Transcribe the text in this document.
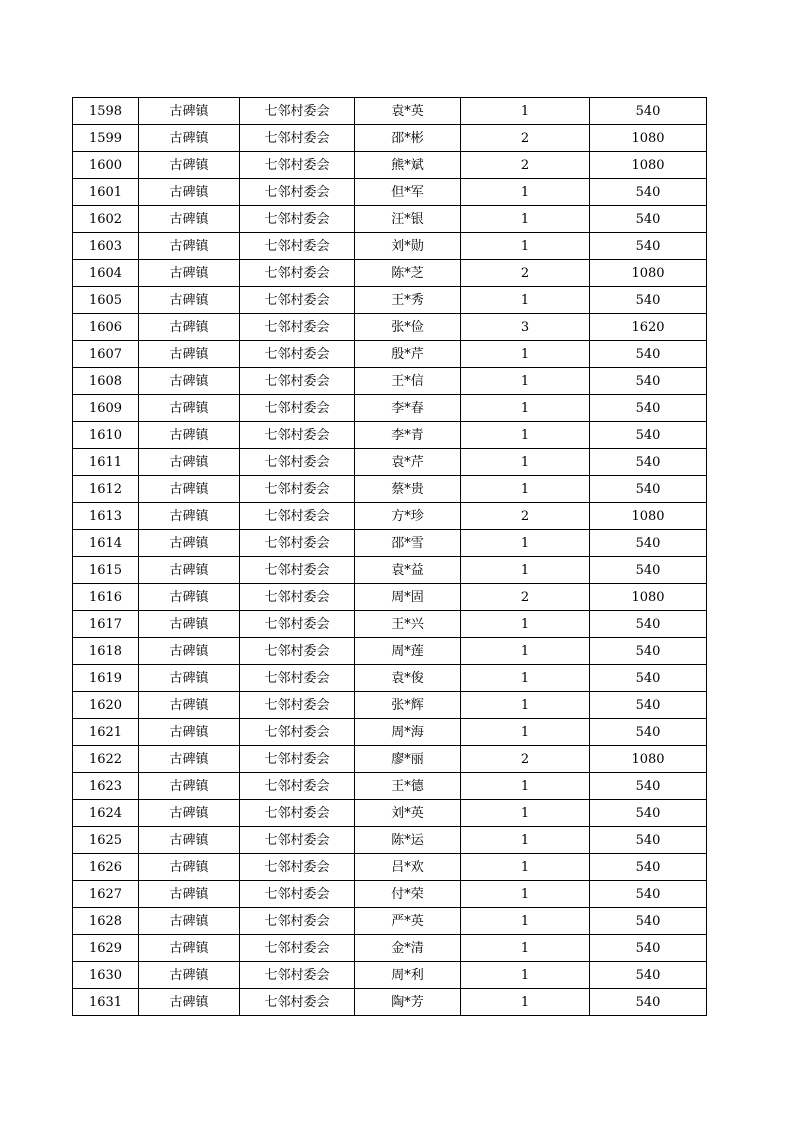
1598	古碑镇	七邻村委会	袁*英	1	540
1599	古碑镇	七邻村委会	邵*彬	2	1080
1600	古碑镇	七邻村委会	熊*斌	2	1080
1601	古碑镇	七邻村委会	但*军	1	540
1602	古碑镇	七邻村委会	汪*银	1	540
1603	古碑镇	七邻村委会	刘*勋	1	540
1604	古碑镇	七邻村委会	陈*芝	2	1080
1605	古碑镇	七邻村委会	王*秀	1	540
1606	古碑镇	七邻村委会	张*俭	3	1620
1607	古碑镇	七邻村委会	殷*芹	1	540
1608	古碑镇	七邻村委会	王*信	1	540
1609	古碑镇	七邻村委会	李*春	1	540
1610	古碑镇	七邻村委会	李*青	1	540
1611	古碑镇	七邻村委会	袁*芹	1	540
1612	古碑镇	七邻村委会	蔡*贵	1	540
1613	古碑镇	七邻村委会	方*珍	2	1080
1614	古碑镇	七邻村委会	邵*雪	1	540
1615	古碑镇	七邻村委会	袁*益	1	540
1616	古碑镇	七邻村委会	周*固	2	1080
1617	古碑镇	七邻村委会	王*兴	1	540
1618	古碑镇	七邻村委会	周*莲	1	540
1619	古碑镇	七邻村委会	袁*俊	1	540
1620	古碑镇	七邻村委会	张*辉	1	540
1621	古碑镇	七邻村委会	周*海	1	540
1622	古碑镇	七邻村委会	廖*丽	2	1080
1623	古碑镇	七邻村委会	王*德	1	540
1624	古碑镇	七邻村委会	刘*英	1	540
1625	古碑镇	七邻村委会	陈*运	1	540
1626	古碑镇	七邻村委会	吕*欢	1	540
1627	古碑镇	七邻村委会	付*荣	1	540
1628	古碑镇	七邻村委会	严*英	1	540
1629	古碑镇	七邻村委会	金*清	1	540
1630	古碑镇	七邻村委会	周*利	1	540
1631	古碑镇	七邻村委会	陶*芳	1	540
